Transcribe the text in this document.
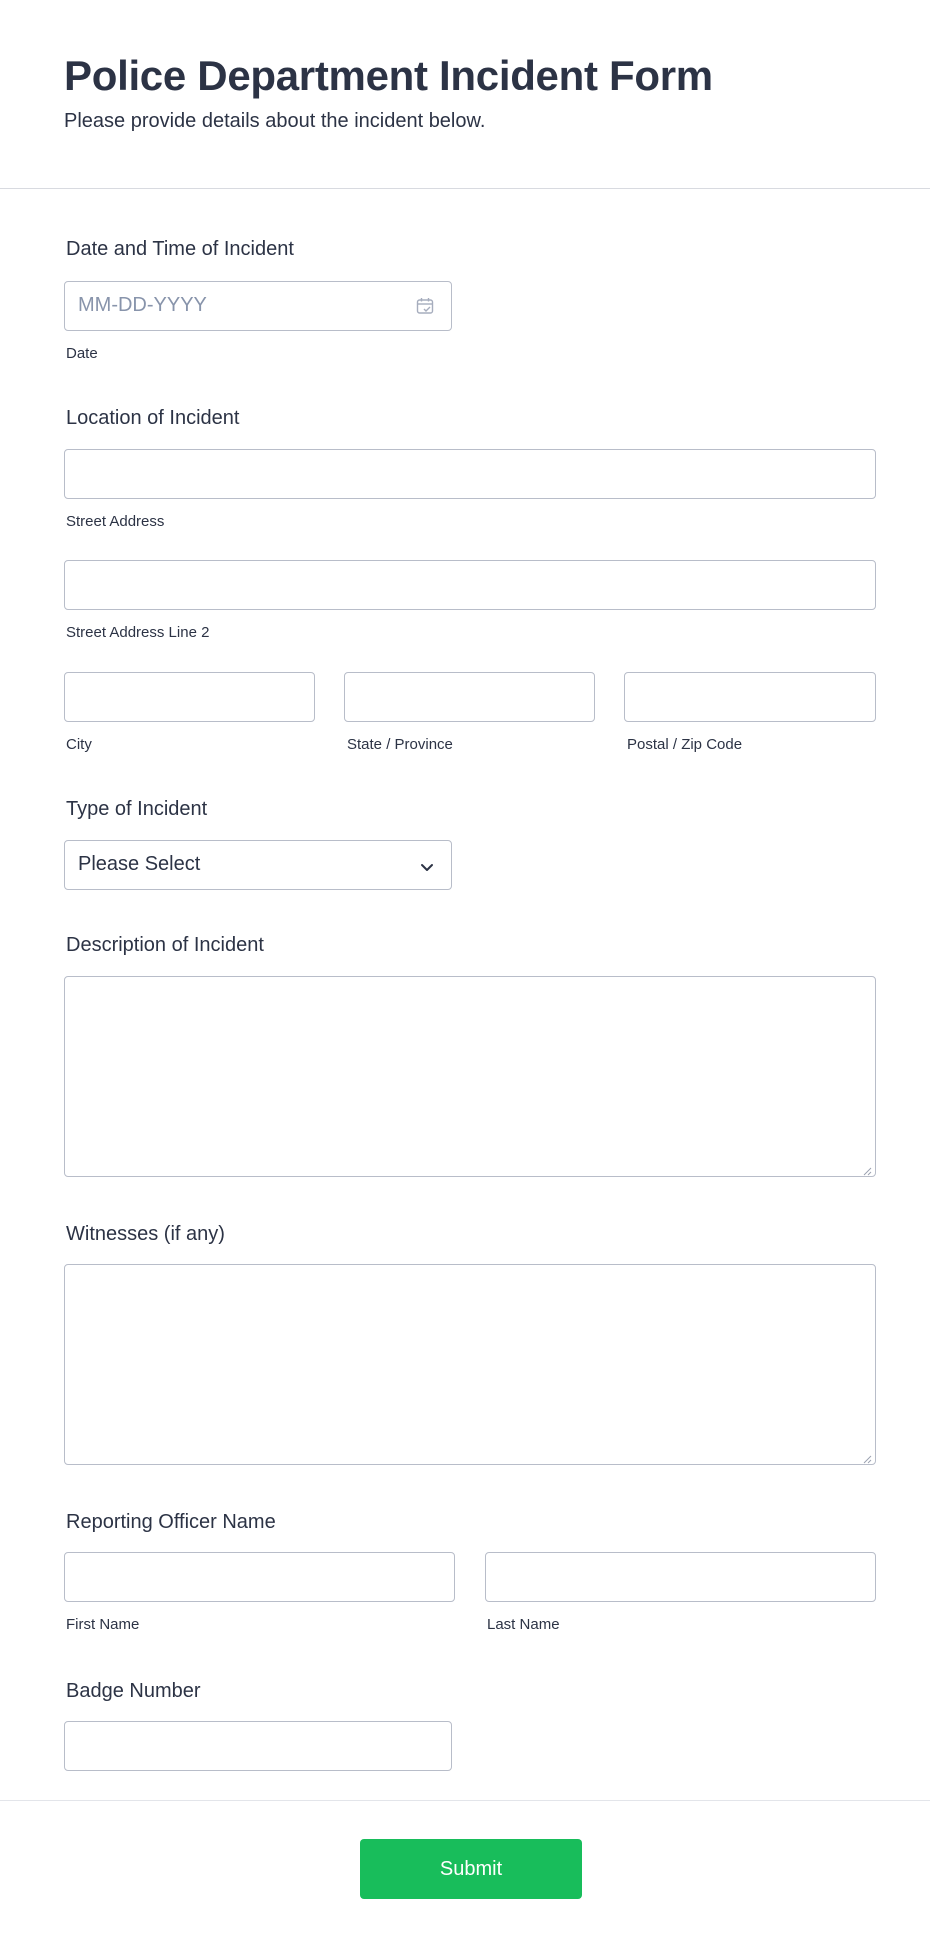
Police Department Incident Form
Please provide details about the incident below.
Date and Time of Incident
MM-DD-YYYY
Date
Location of Incident
Street Address
Street Address Line 2
City	State / Province	Postal / Zip Code
Type of Incident
Please Select
Description of Incident
Witnesses (if any)
Reporting Officer Name
First Name	Last Name
Badge Number
Submit
